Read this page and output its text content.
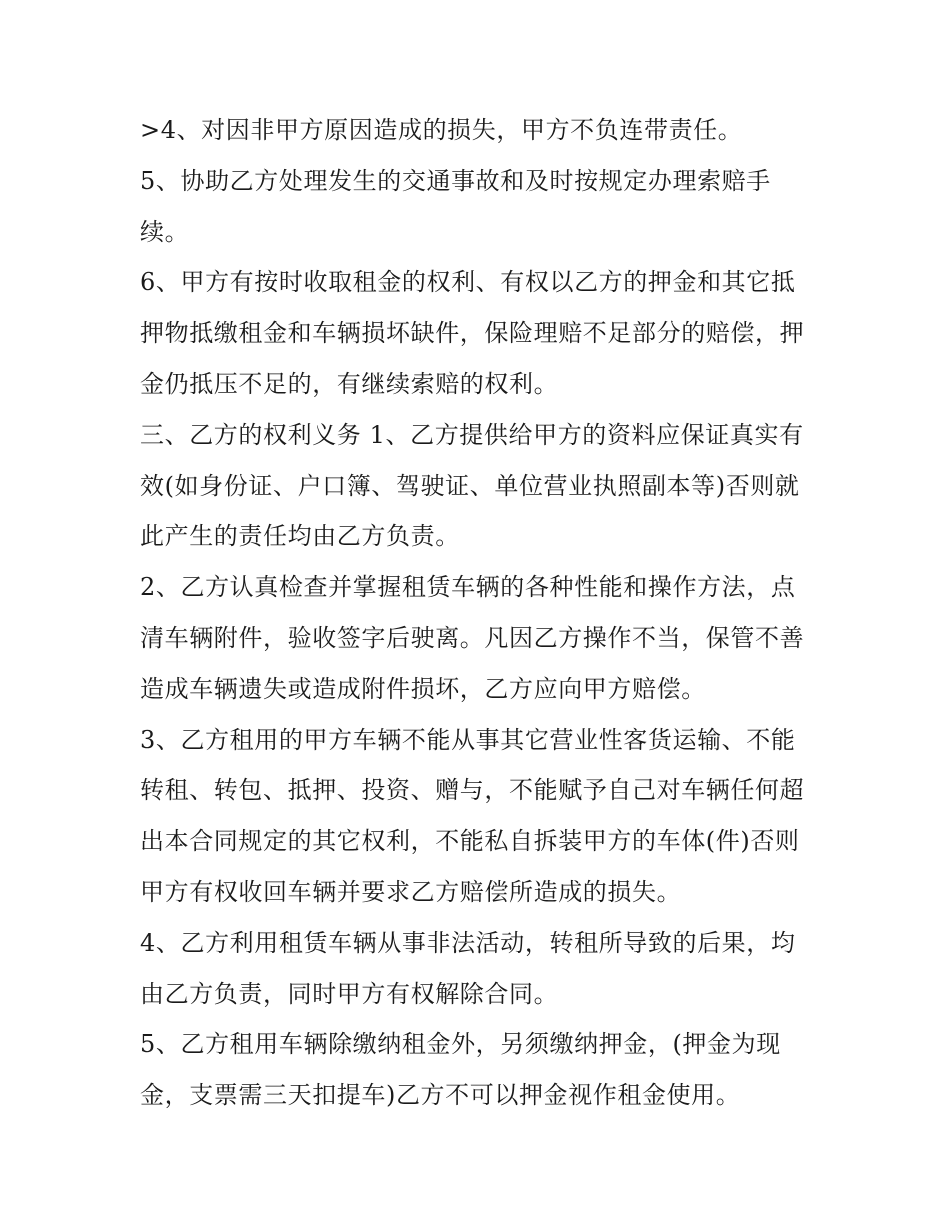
>4、对因非甲方原因造成的损失，甲方不负连带责任。

5、协助乙方处理发生的交通事故和及时按规定办理索赔手续。

6、甲方有按时收取租金的权利、有权以乙方的押金和其它抵押物抵缴租金和车辆损坏缺件，保险理赔不足部分的赔偿，押金仍抵压不足的，有继续索赔的权利。

三、乙方的权利义务 1、乙方提供给甲方的资料应保证真实有效(如身份证、户口簿、驾驶证、单位营业执照副本等)否则就此产生的责任均由乙方负责。

2、乙方认真检查并掌握租赁车辆的各种性能和操作方法，点清车辆附件，验收签字后驶离。凡因乙方操作不当，保管不善造成车辆遗失或造成附件损坏，乙方应向甲方赔偿。

3、乙方租用的甲方车辆不能从事其它营业性客货运输、不能转租、转包、抵押、投资、赠与，不能赋予自己对车辆任何超出本合同规定的其它权利，不能私自拆装甲方的车体(件)否则甲方有权收回车辆并要求乙方赔偿所造成的损失。

4、乙方利用租赁车辆从事非法活动，转租所导致的后果，均由乙方负责，同时甲方有权解除合同。

5、乙方租用车辆除缴纳租金外，另须缴纳押金，(押金为现金，支票需三天扣提车)乙方不可以押金视作租金使用。
